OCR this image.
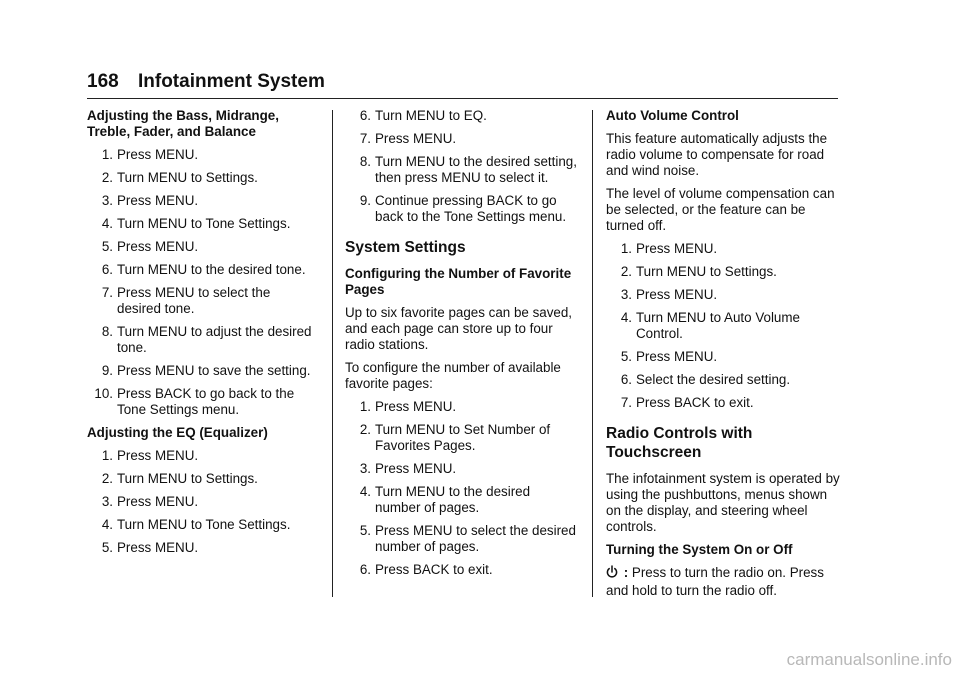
168 Infotainment System
Adjusting the Bass, Midrange, Treble, Fader, and Balance
1. Press MENU.
2. Turn MENU to Settings.
3. Press MENU.
4. Turn MENU to Tone Settings.
5. Press MENU.
6. Turn MENU to the desired tone.
7. Press MENU to select the desired tone.
8. Turn MENU to adjust the desired tone.
9. Press MENU to save the setting.
10. Press BACK to go back to the Tone Settings menu.
Adjusting the EQ (Equalizer)
1. Press MENU.
2. Turn MENU to Settings.
3. Press MENU.
4. Turn MENU to Tone Settings.
5. Press MENU.
6. Turn MENU to EQ.
7. Press MENU.
8. Turn MENU to the desired setting, then press MENU to select it.
9. Continue pressing BACK to go back to the Tone Settings menu.
System Settings
Configuring the Number of Favorite Pages
Up to six favorite pages can be saved, and each page can store up to four radio stations.
To configure the number of available favorite pages:
1. Press MENU.
2. Turn MENU to Set Number of Favorites Pages.
3. Press MENU.
4. Turn MENU to the desired number of pages.
5. Press MENU to select the desired number of pages.
6. Press BACK to exit.
Auto Volume Control
This feature automatically adjusts the radio volume to compensate for road and wind noise.
The level of volume compensation can be selected, or the feature can be turned off.
1. Press MENU.
2. Turn MENU to Settings.
3. Press MENU.
4. Turn MENU to Auto Volume Control.
5. Press MENU.
6. Select the desired setting.
7. Press BACK to exit.
Radio Controls with Touchscreen
The infotainment system is operated by using the pushbuttons, menus shown on the display, and steering wheel controls.
Turning the System On or Off
: Press to turn the radio on. Press and hold to turn the radio off.
carmanualsonline.info
